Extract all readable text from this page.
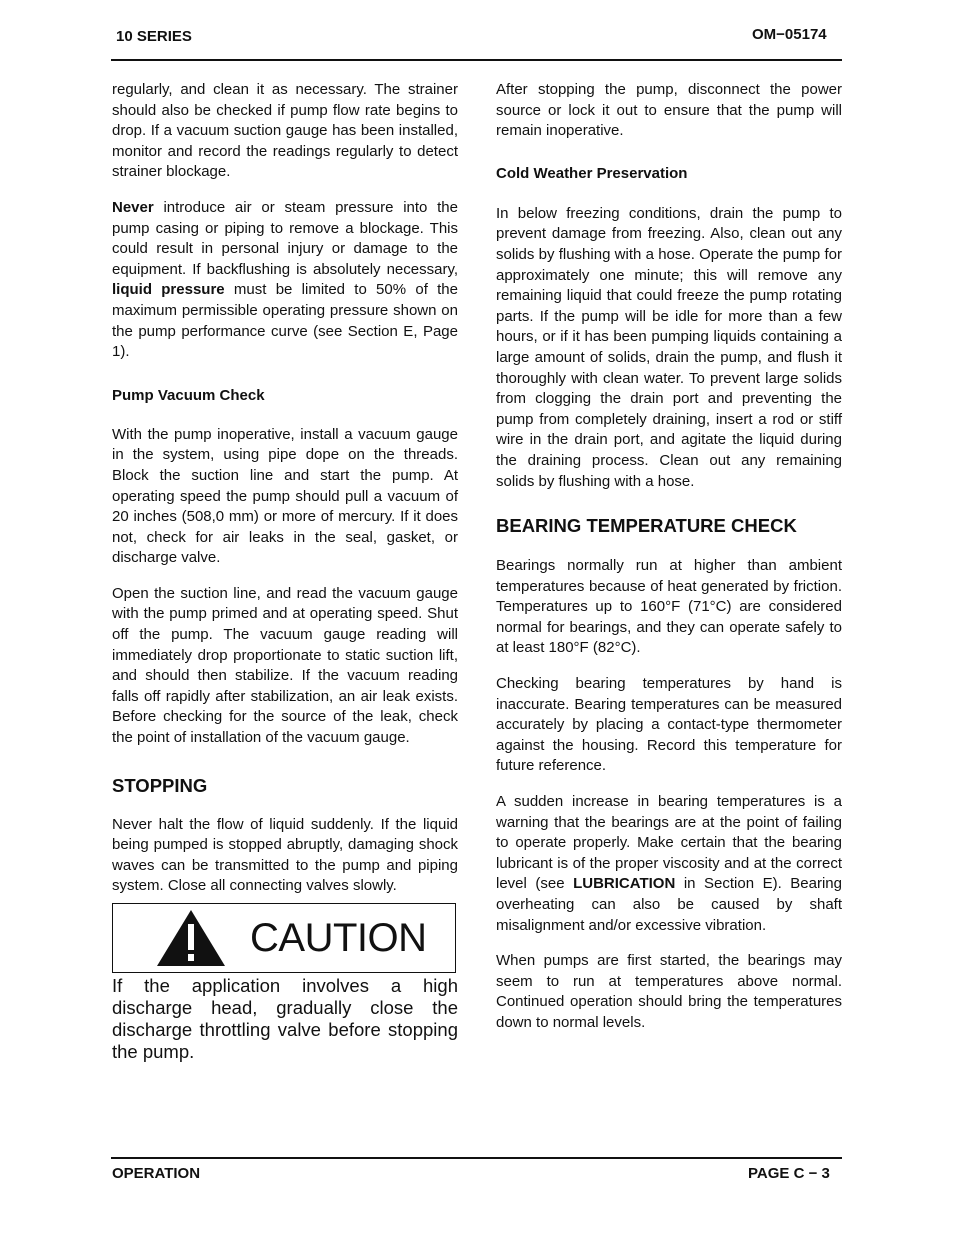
10 SERIES	OM−05174

regularly, and clean it as necessary. The strainer should also be checked if pump flow rate begins to drop. If a vacuum suction gauge has been installed, monitor and record the readings regularly to detect strainer blockage.

Never introduce air or steam pressure into the pump casing or piping to remove a blockage. This could result in personal injury or damage to the equipment. If backflushing is absolutely necessary, liquid pressure must be limited to 50% of the maximum permissible operating pressure shown on the pump performance curve (see Section E, Page 1).

Pump Vacuum Check

With the pump inoperative, install a vacuum gauge in the system, using pipe dope on the threads. Block the suction line and start the pump. At operating speed the pump should pull a vacuum of 20 inches (508,0 mm) or more of mercury. If it does not, check for air leaks in the seal, gasket, or discharge valve.

Open the suction line, and read the vacuum gauge with the pump primed and at operating speed. Shut off the pump. The vacuum gauge reading will immediately drop proportionate to static suction lift, and should then stabilize. If the vacuum reading falls off rapidly after stabilization, an air leak exists. Before checking for the source of the leak, check the point of installation of the vacuum gauge.

STOPPING

Never halt the flow of liquid suddenly. If the liquid being pumped is stopped abruptly, damaging shock waves can be transmitted to the pump and piping system. Close all connecting valves slowly.

CAUTION
If the application involves a high discharge head, gradually close the discharge throttling valve before stopping the pump.

After stopping the pump, disconnect the power source or lock it out to ensure that the pump will remain inoperative.

Cold Weather Preservation

In below freezing conditions, drain the pump to prevent damage from freezing. Also, clean out any solids by flushing with a hose. Operate the pump for approximately one minute; this will remove any remaining liquid that could freeze the pump rotating parts. If the pump will be idle for more than a few hours, or if it has been pumping liquids containing a large amount of solids, drain the pump, and flush it thoroughly with clean water. To prevent large solids from clogging the drain port and preventing the pump from completely draining, insert a rod or stiff wire in the drain port, and agitate the liquid during the draining process. Clean out any remaining solids by flushing with a hose.

BEARING TEMPERATURE CHECK

Bearings normally run at higher than ambient temperatures because of heat generated by friction. Temperatures up to 160°F (71°C) are considered normal for bearings, and they can operate safely to at least 180°F (82°C).

Checking bearing temperatures by hand is inaccurate. Bearing temperatures can be measured accurately by placing a contact-type thermometer against the housing. Record this temperature for future reference.

A sudden increase in bearing temperatures is a warning that the bearings are at the point of failing to operate properly. Make certain that the bearing lubricant is of the proper viscosity and at the correct level (see LUBRICATION in Section E). Bearing overheating can also be caused by shaft misalignment and/or excessive vibration.

When pumps are first started, the bearings may seem to run at temperatures above normal. Continued operation should bring the temperatures down to normal levels.

OPERATION	PAGE C − 3
